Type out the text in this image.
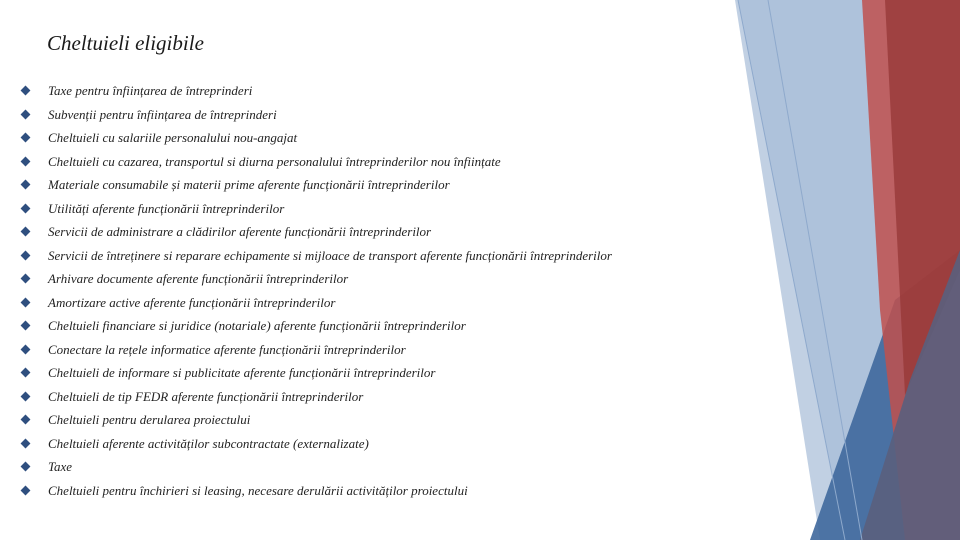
Cheltuieli eligibile
Taxe pentru înființarea de întreprinderi
Subvenții pentru înființarea de întreprinderi
Cheltuieli cu salariile personalului nou-angajat
Cheltuieli cu cazarea, transportul si diurna personalului întreprinderilor nou înființate
Materiale consumabile și materii prime aferente funcționării întreprinderilor
Utilități aferente funcționării întreprinderilor
Servicii de administrare a clădirilor aferente funcționării întreprinderilor
Servicii de întreținere si reparare echipamente si mijloace de transport aferente funcționării întreprinderilor
Arhivare documente aferente funcționării întreprinderilor
Amortizare active aferente funcționării întreprinderilor
Cheltuieli financiare si juridice (notariale) aferente funcționării întreprinderilor
Conectare la rețele informatice aferente funcționării întreprinderilor
Cheltuieli de informare si publicitate aferente funcționării întreprinderilor
Cheltuieli de tip FEDR aferente funcționării întreprinderilor
Cheltuieli pentru derularea proiectului
Cheltuieli aferente activităților subcontractate (externalizate)
Taxe
Cheltuieli pentru închirieri si leasing, necesare derulării activităților proiectului
